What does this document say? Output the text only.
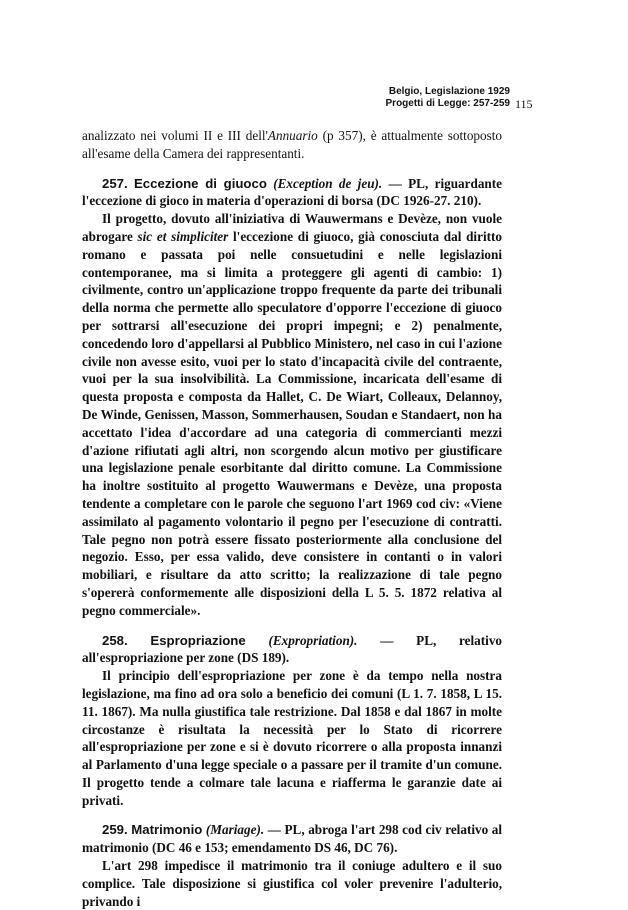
Belgio, Legislazione 1929
Progetti di Legge: 257-259 115

analizzato nei volumi II e III dell'Annuario (p 357), è attualmente sottoposto all'esame della Camera dei rappresentanti.

257. Eccezione di giuoco (Exception de jeu). — PL, riguardante l'eccezione di gioco in materia d'operazioni di borsa (DC 1926-27. 210).

Il progetto, dovuto all'iniziativa di Wauwermans e Devèze, non vuole abrogare sic et simpliciter l'eccezione di giuoco, già conosciuta dal diritto romano e passata poi nelle consuetudini e nelle legislazioni contemporanee, ma si limita a proteggere gli agenti di cambio: 1) civilmente, contro un'applicazione troppo frequente da parte dei tribunali della norma che permette allo speculatore d'opporre l'eccezione di giuoco per sottrarsi all'esecuzione dei propri impegni; e 2) penalmente, concedendo loro d'appellarsi al Pubblico Ministero, nel caso in cui l'azione civile non avesse esito, vuoi per lo stato d'incapacità civile del contraente, vuoi per la sua insolvibilità. La Commissione, incaricata dell'esame di questa proposta e composta da Hallet, C. De Wiart, Colleaux, Delannoy, De Winde, Genissen, Masson, Sommerhausen, Soudan e Standaert, non ha accettato l'idea d'accordare ad una categoria di commercianti mezzi d'azione rifiutati agli altri, non scorgendo alcun motivo per giustificare una legislazione penale esorbitante dal diritto comune. La Commissione ha inoltre sostituito al progetto Wauwermans e Devèze, una proposta tendente a completare con le parole che seguono l'art 1969 cod civ: «Viene assimilato al pagamento volontario il pegno per l'esecuzione di contratti. Tale pegno non potrà essere fissato posteriormente alla conclusione del negozio. Esso, per essa valido, deve consistere in contanti o in valori mobiliari, e risultare da atto scritto; la realizzazione di tale pegno s'opererà conformemente alle disposizioni della L 5. 5. 1872 relativa al pegno commerciale».

258. Espropriazione (Expropriation). — PL, relativo all'espropriazione per zone (DS 189).

Il principio dell'espropriazione per zone è da tempo nella nostra legislazione, ma fino ad ora solo a beneficio dei comuni (L 1. 7. 1858, L 15. 11. 1867). Ma nulla giustifica tale restrizione. Dal 1858 e dal 1867 in molte circostanze è risultata la necessità per lo Stato di ricorrere all'espropriazione per zone e si è dovuto ricorrere o alla proposta innanzi al Parlamento d'una legge speciale o a passare per il tramite d'un comune. Il progetto tende a colmare tale lacuna e riafferma le garanzie date ai privati.

259. Matrimonio (Mariage). — PL, abroga l'art 298 cod civ relativo al matrimonio (DC 46 e 153; emendamento DS 46, DC 76).

L'art 298 impedisce il matrimonio tra il coniuge adultero e il suo complice. Tale disposizione si giustifica col voler prevenire l'adulterio, privando i
